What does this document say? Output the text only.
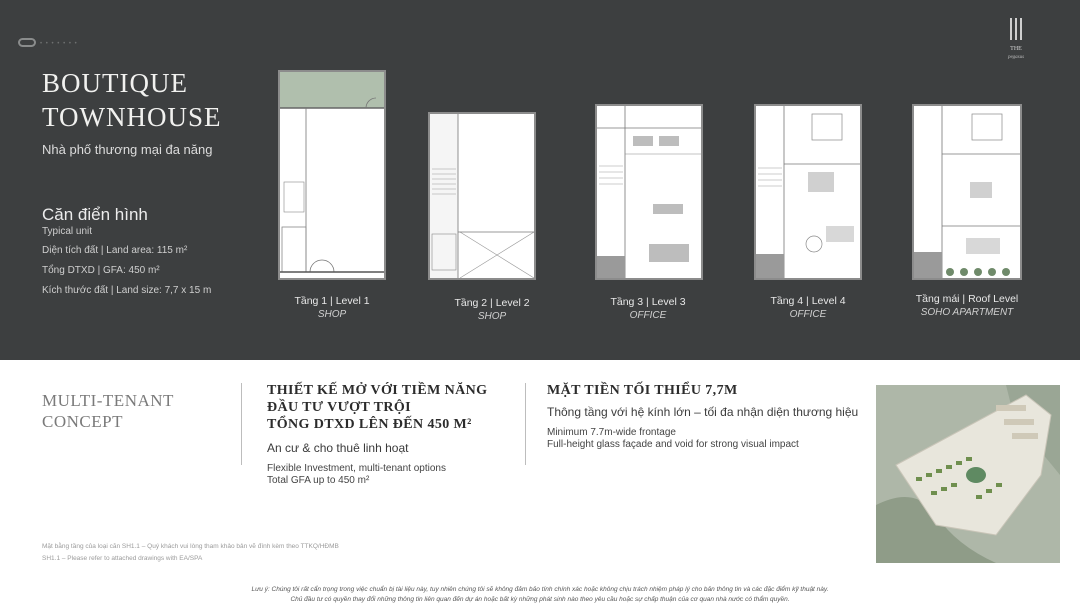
• • • • • • •
THE
pegasus
BOUTIQUE
TOWNHOUSE
Nhà phố thương mại đa năng
Căn điển hình
Typical unit
Diện tích đất | Land area: 115 m²
Tổng DTXD | GFA: 450 m²
Kích thước đất | Land size: 7,7 x 15 m
Tầng 1 | Level 1
SHOP
Tầng 2 | Level 2
SHOP
Tầng 3 | Level 3
OFFICE
Tầng 4 | Level 4
OFFICE
Tầng mái | Roof Level
SOHO APARTMENT
MULTI-TENANT
CONCEPT
THIẾT KẾ MỞ VỚI TIỀM NĂNG
ĐẦU TƯ VƯỢT TRỘI
TỔNG DTXD LÊN ĐẾN 450 M²
An cư & cho thuê linh hoạt
Flexible Investment, multi-tenant options
Total GFA up to 450 m²
MẶT TIỀN TỐI THIỂU 7,7M
Thông tầng với hệ kính lớn – tối đa nhận diện thương hiệu
Minimum 7.7m-wide frontage
Full-height glass façade and void for strong visual impact
Mặt bằng tầng của loại căn SH1.1 – Quý khách vui lòng tham khảo bản vẽ đính kèm theo TTKQ/HĐMB
SH1.1 – Please refer to attached drawings with EA/SPA
Lưu ý: Chúng tôi rất cẩn trọng trong việc chuẩn bị tài liệu này, tuy nhiên chúng tôi sẽ không đảm bảo tính chính xác hoặc không chịu trách nhiệm pháp lý cho bản thông tin và các đặc điểm kỹ thuật này.
Chủ đầu tư có quyền thay đổi những thông tin liên quan đến dự án hoặc bất kỳ những phát sinh nào theo yêu cầu hoặc sự chấp thuận của cơ quan nhà nước có thẩm quyền.
